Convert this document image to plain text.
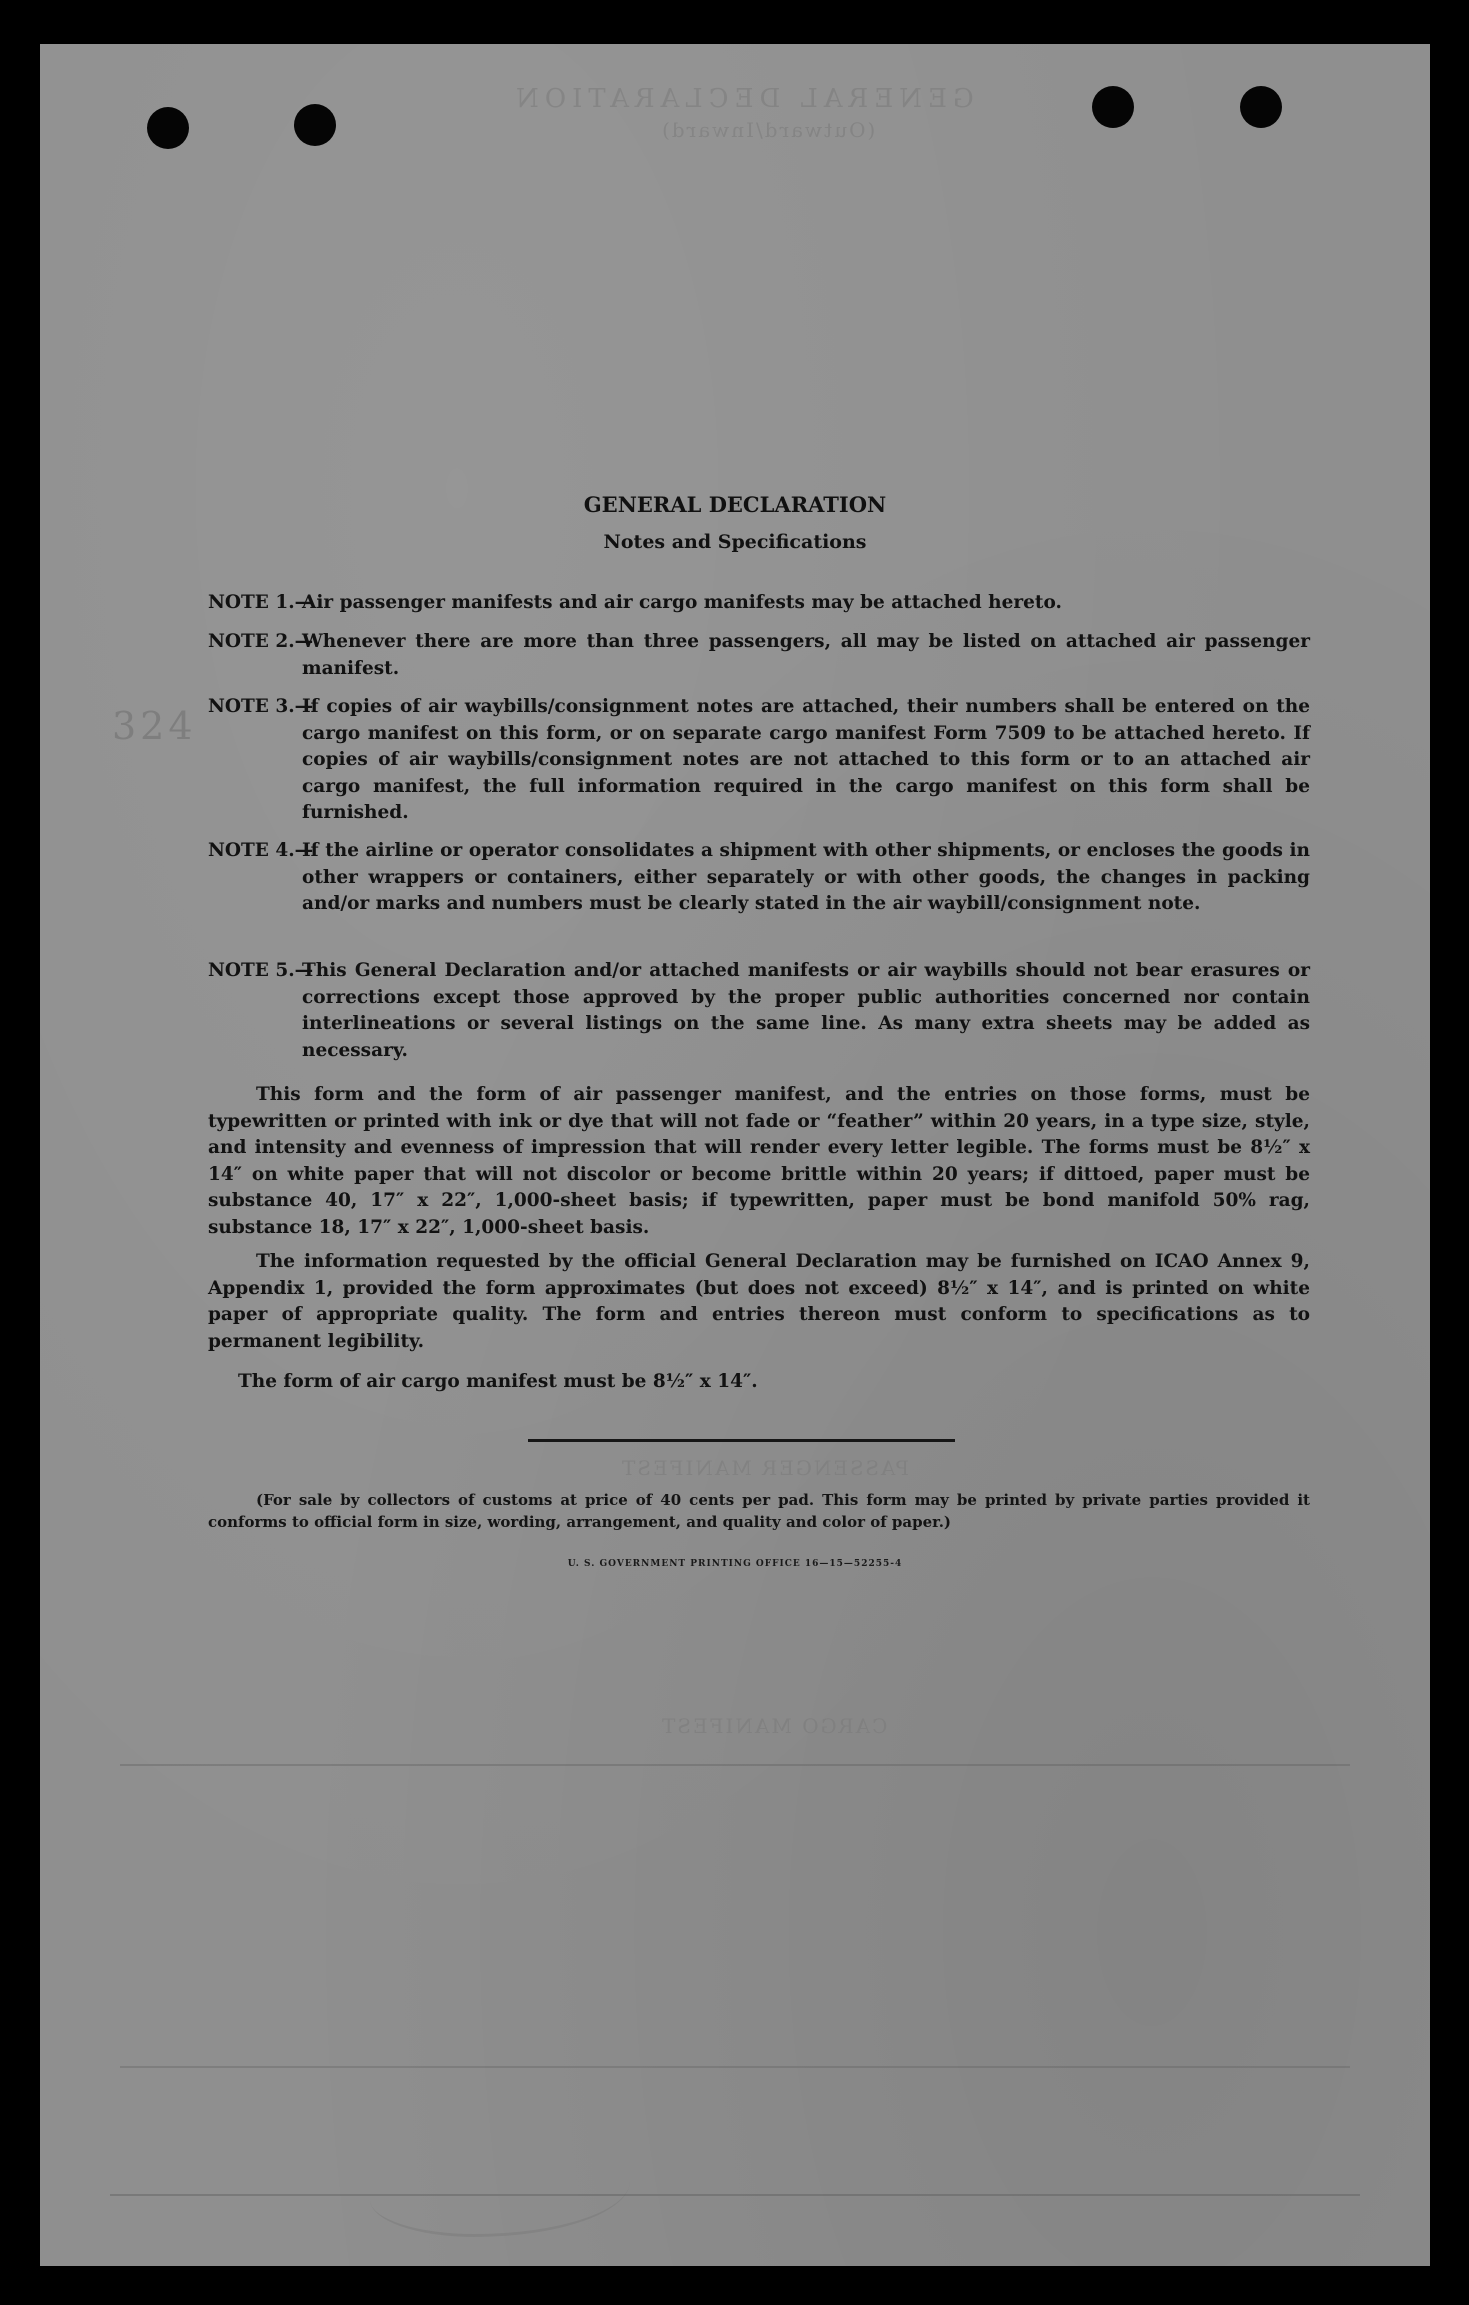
GENERAL DECLARATION
(Outward/Inward)
PASSENGER MANIFEST
CARGO MANIFEST
324
GENERAL DECLARATION
Notes and Specifications
NOTE 1.—Air passenger manifests and air cargo manifests may be attached hereto.
NOTE 2.—
Whenever there are more than three passengers, all may be listed on attached air passenger manifest.
NOTE 3.—
If copies of air waybills/consignment notes are attached, their numbers shall be entered on the cargo manifest on this form, or on separate cargo manifest Form 7509 to be attached hereto. If copies of air waybills/consignment notes are not attached to this form or to an attached air cargo manifest, the full information required in the cargo manifest on this form shall be furnished.
NOTE 4.—
If the airline or operator consolidates a shipment with other shipments, or encloses the goods in other wrappers or containers, either separately or with other goods, the changes in packing and/or marks and numbers must be clearly stated in the air waybill/consignment note.
NOTE 5.—
This General Declaration and/or attached manifests or air waybills should not bear erasures or corrections except those approved by the proper public authorities concerned nor contain interlineations or several listings on the same line. As many extra sheets may be added as necessary.
This form and the form of air passenger manifest, and the entries on those forms, must be typewritten or printed with ink or dye that will not fade or “feather” within 20 years, in a type size, style, and intensity and evenness of impression that will render every letter legible. The forms must be 8½″ x 14″ on white paper that will not discolor or become brittle within 20 years; if dittoed, paper must be substance 40, 17″ x 22″, 1,000-sheet basis; if typewritten, paper must be bond manifold 50% rag, substance 18, 17″ x 22″, 1,000-sheet basis.
The information requested by the official General Declaration may be furnished on ICAO Annex 9, Appendix 1, provided the form approximates (but does not exceed) 8½″ x 14″, and is printed on white paper of appropriate quality. The form and entries thereon must conform to specifications as to permanent legibility.
The form of air cargo manifest must be 8½″ x 14″.
(For sale by collectors of customs at price of 40 cents per pad. This form may be printed by private parties provided it conforms to official form in size, wording, arrangement, and quality and color of paper.)
U. S. GOVERNMENT PRINTING OFFICE 16—15—52255-4
